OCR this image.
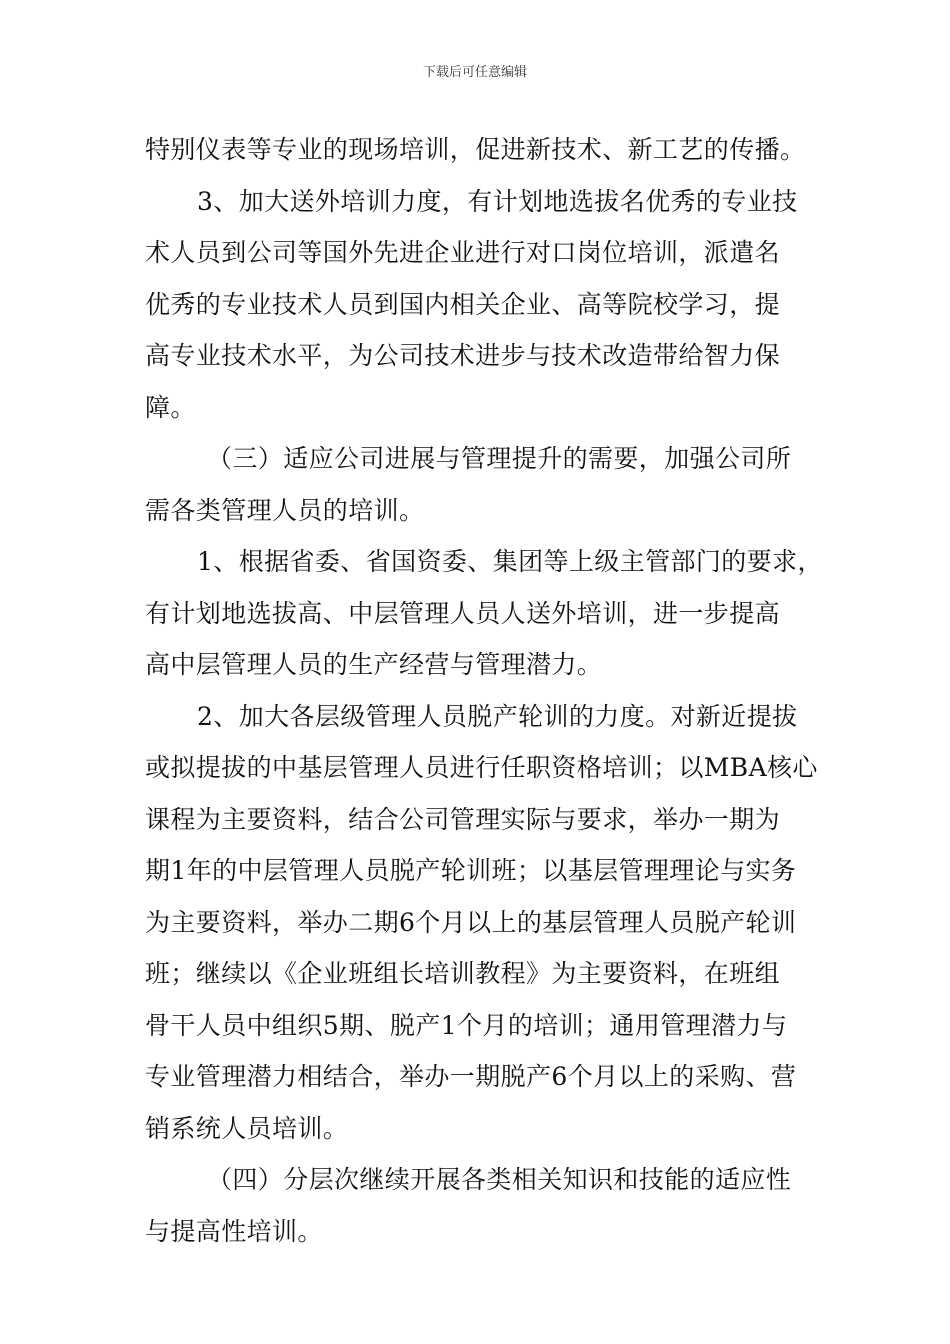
下载后可任意编辑
特别仪表等专业的现场培训，促进新技术、新工艺的传播。
3、加大送外培训力度，有计划地选拔名优秀的专业技
术人员到公司等国外先进企业进行对口岗位培训，派遣名
优秀的专业技术人员到国内相关企业、高等院校学习，提
高专业技术水平，为公司技术进步与技术改造带给智力保
障。
（三）适应公司进展与管理提升的需要，加强公司所
需各类管理人员的培训。
1、根据省委、省国资委、集团等上级主管部门的要求，
有计划地选拔高、中层管理人员人送外培训，进一步提高
高中层管理人员的生产经营与管理潜力。
2、加大各层级管理人员脱产轮训的力度。对新近提拔
或拟提拔的中基层管理人员进行任职资格培训；以MBA核心
课程为主要资料，结合公司管理实际与要求，举办一期为
期1年的中层管理人员脱产轮训班；以基层管理理论与实务
为主要资料，举办二期6个月以上的基层管理人员脱产轮训
班；继续以《企业班组长培训教程》为主要资料，在班组
骨干人员中组织5期、脱产1个月的培训；通用管理潜力与
专业管理潜力相结合，举办一期脱产6个月以上的采购、营
销系统人员培训。
（四）分层次继续开展各类相关知识和技能的适应性
与提高性培训。
